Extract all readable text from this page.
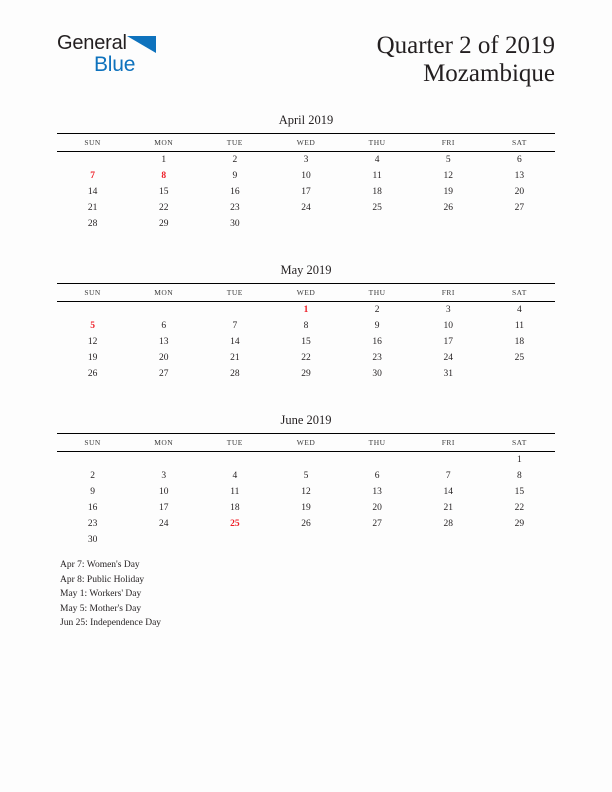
General
Blue
Quarter 2 of 2019
Mozambique
April 2019
SUN	MON	TUE	WED	THU	FRI	SAT
	1	2	3	4	5	6
7	8	9	10	11	12	13
14	15	16	17	18	19	20
21	22	23	24	25	26	27
28	29	30				
May 2019
SUN	MON	TUE	WED	THU	FRI	SAT
			1	2	3	4
5	6	7	8	9	10	11
12	13	14	15	16	17	18
19	20	21	22	23	24	25
26	27	28	29	30	31	
June 2019
SUN	MON	TUE	WED	THU	FRI	SAT
						1
2	3	4	5	6	7	8
9	10	11	12	13	14	15
16	17	18	19	20	21	22
23	24	25	26	27	28	29
30						
Apr 7: Women's Day
Apr 8: Public Holiday
May 1: Workers' Day
May 5: Mother's Day
Jun 25: Independence Day
